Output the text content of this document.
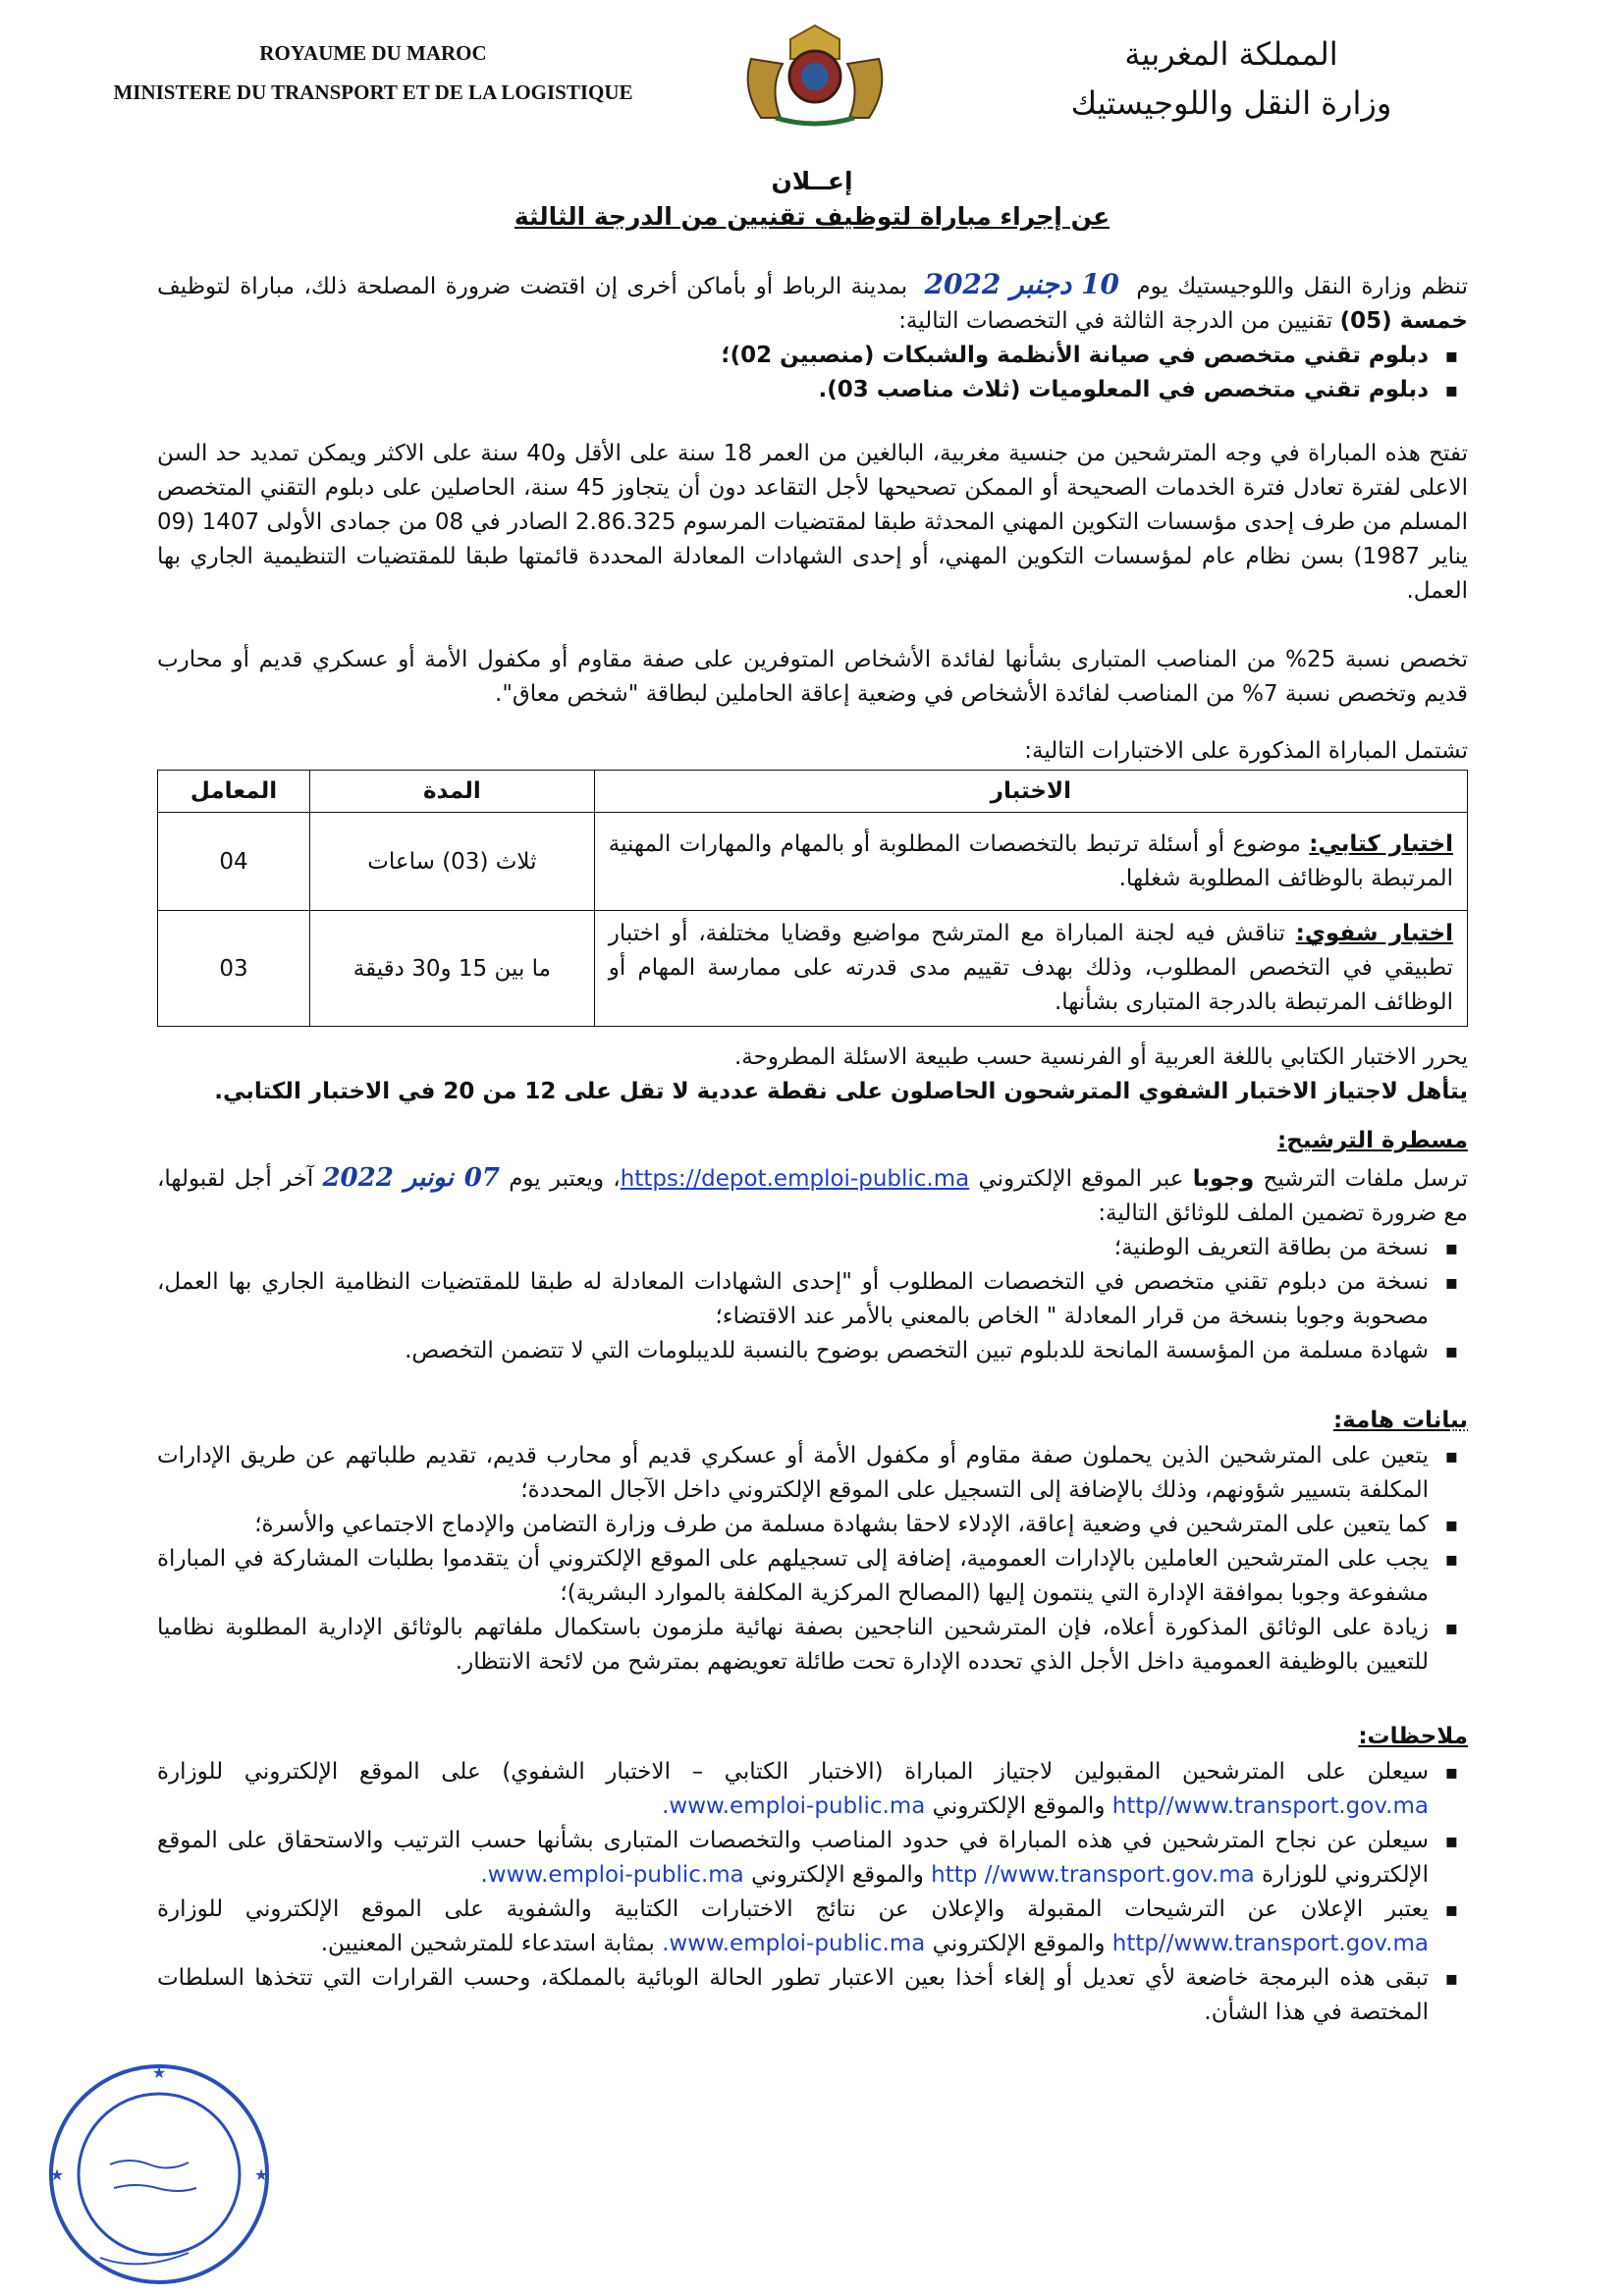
ROYAUME DU MAROC
MINISTERE DU TRANSPORT ET DE LA LOGISTIQUE
المملكة المغربية
وزارة النقل واللوجيستيك
إعــلان
عن إجراء مباراة لتوظيف تقنيين من الدرجة الثالثة
تنظم وزارة النقل واللوجيستيك يوم 10 دجنبر 2022 بمدينة الرباط أو بأماكن أخرى إن اقتضت ضرورة المصلحة ذلك، مباراة لتوظيف خمسة (05) تقنيين من الدرجة الثالثة في التخصصات التالية:
▪ دبلوم تقني متخصص في صيانة الأنظمة والشبكات (منصبين 02)؛
▪ دبلوم تقني متخصص في المعلوميات (ثلاث مناصب 03).
تفتح هذه المباراة في وجه المترشحين من جنسية مغربية، البالغين من العمر 18 سنة على الأقل و40 سنة على الاكثر ويمكن تمديد حد السن الاعلى لفترة تعادل فترة الخدمات الصحيحة أو الممكن تصحيحها لأجل التقاعد دون أن يتجاوز 45 سنة، الحاصلين على دبلوم التقني المتخصص المسلم من طرف إحدى مؤسسات التكوين المهني المحدثة طبقا لمقتضيات المرسوم 2.86.325 الصادر في 08 من جمادى الأولى 1407 (09 يناير 1987) بسن نظام عام لمؤسسات التكوين المهني، أو إحدى الشهادات المعادلة المحددة قائمتها طبقا للمقتضيات التنظيمية الجاري بها العمل.
تخصص نسبة 25% من المناصب المتبارى بشأنها لفائدة الأشخاص المتوفرين على صفة مقاوم أو مكفول الأمة أو عسكري قديم أو محارب قديم وتخصص نسبة 7% من المناصب لفائدة الأشخاص في وضعية إعاقة الحاملين لبطاقة "شخص معاق".
تشتمل المباراة المذكورة على الاختبارات التالية:
الاختبار	المدة	المعامل
اختبار كتابي: موضوع أو أسئلة ترتبط بالتخصصات المطلوبة أو بالمهام والمهارات المهنية المرتبطة بالوظائف المطلوبة شغلها.	ثلاث (03) ساعات	04
اختبار شفوي: تناقش فيه لجنة المباراة مع المترشح مواضيع وقضايا مختلفة، أو اختبار تطبيقي في التخصص المطلوب، وذلك بهدف تقييم مدى قدرته على ممارسة المهام أو الوظائف المرتبطة بالدرجة المتبارى بشأنها.	ما بين 15 و30 دقيقة	03
يحرر الاختبار الكتابي باللغة العربية أو الفرنسية حسب طبيعة الاسئلة المطروحة.
يتأهل لاجتياز الاختبار الشفوي المترشحون الحاصلون على نقطة عددية لا تقل على 12 من 20 في الاختبار الكتابي.
مسطرة الترشيح:
ترسل ملفات الترشيح وجوبا عبر الموقع الإلكتروني https://depot.emploi-public.ma، ويعتبر يوم 07 نونبر 2022 آخر أجل لقبولها، مع ضرورة تضمين الملف للوثائق التالية:
▪ نسخة من بطاقة التعريف الوطنية؛
▪ نسخة من دبلوم تقني متخصص في التخصصات المطلوب أو "إحدى الشهادات المعادلة له طبقا للمقتضيات النظامية الجاري بها العمل، مصحوبة وجوبا بنسخة من قرار المعادلة " الخاص بالمعني بالأمر عند الاقتضاء؛
▪ شهادة مسلمة من المؤسسة المانحة للدبلوم تبين التخصص بوضوح بالنسبة للديبلومات التي لا تتضمن التخصص.
بيانات هامة:
▪ يتعين على المترشحين الذين يحملون صفة مقاوم أو مكفول الأمة أو عسكري قديم أو محارب قديم، تقديم طلباتهم عن طريق الإدارات المكلفة بتسيير شؤونهم، وذلك بالإضافة إلى التسجيل على الموقع الإلكتروني داخل الآجال المحددة؛
▪ كما يتعين على المترشحين في وضعية إعاقة، الإدلاء لاحقا بشهادة مسلمة من طرف وزارة التضامن والإدماج الاجتماعي والأسرة؛
▪ يجب على المترشحين العاملين بالإدارات العمومية، إضافة إلى تسجيلهم على الموقع الإلكتروني أن يتقدموا بطلبات المشاركة في المباراة مشفوعة وجوبا بموافقة الإدارة التي ينتمون إليها (المصالح المركزية المكلفة بالموارد البشرية)؛
▪ زيادة على الوثائق المذكورة أعلاه، فإن المترشحين الناجحين بصفة نهائية ملزمون باستكمال ملفاتهم بالوثائق الإدارية المطلوبة نظاميا للتعيين بالوظيفة العمومية داخل الأجل الذي تحدده الإدارة تحت طائلة تعويضهم بمترشح من لائحة الانتظار.
ملاحظات:
▪ سيعلن على المترشحين المقبولين لاجتياز المباراة (الاختبار الكتابي – الاختبار الشفوي) على الموقع الإلكتروني للوزارة http//www.transport.gov.ma والموقع الإلكتروني www.emploi-public.ma.
▪ سيعلن عن نجاح المترشحين في هذه المباراة في حدود المناصب والتخصصات المتبارى بشأنها حسب الترتيب والاستحقاق على الموقع الإلكتروني للوزارة http //www.transport.gov.ma والموقع الإلكتروني www.emploi-public.ma.
▪ يعتبر الإعلان عن الترشيحات المقبولة والإعلان عن نتائج الاختبارات الكتابية والشفوية على الموقع الإلكتروني للوزارة http//www.transport.gov.ma والموقع الإلكتروني www.emploi-public.ma. بمثابة استدعاء للمترشحين المعنيين.
▪ تبقى هذه البرمجة خاضعة لأي تعديل أو إلغاء أخذا بعين الاعتبار تطور الحالة الوبائية بالمملكة، وحسب القرارات التي تتخذها السلطات المختصة في هذا الشأن.
★
★	★
